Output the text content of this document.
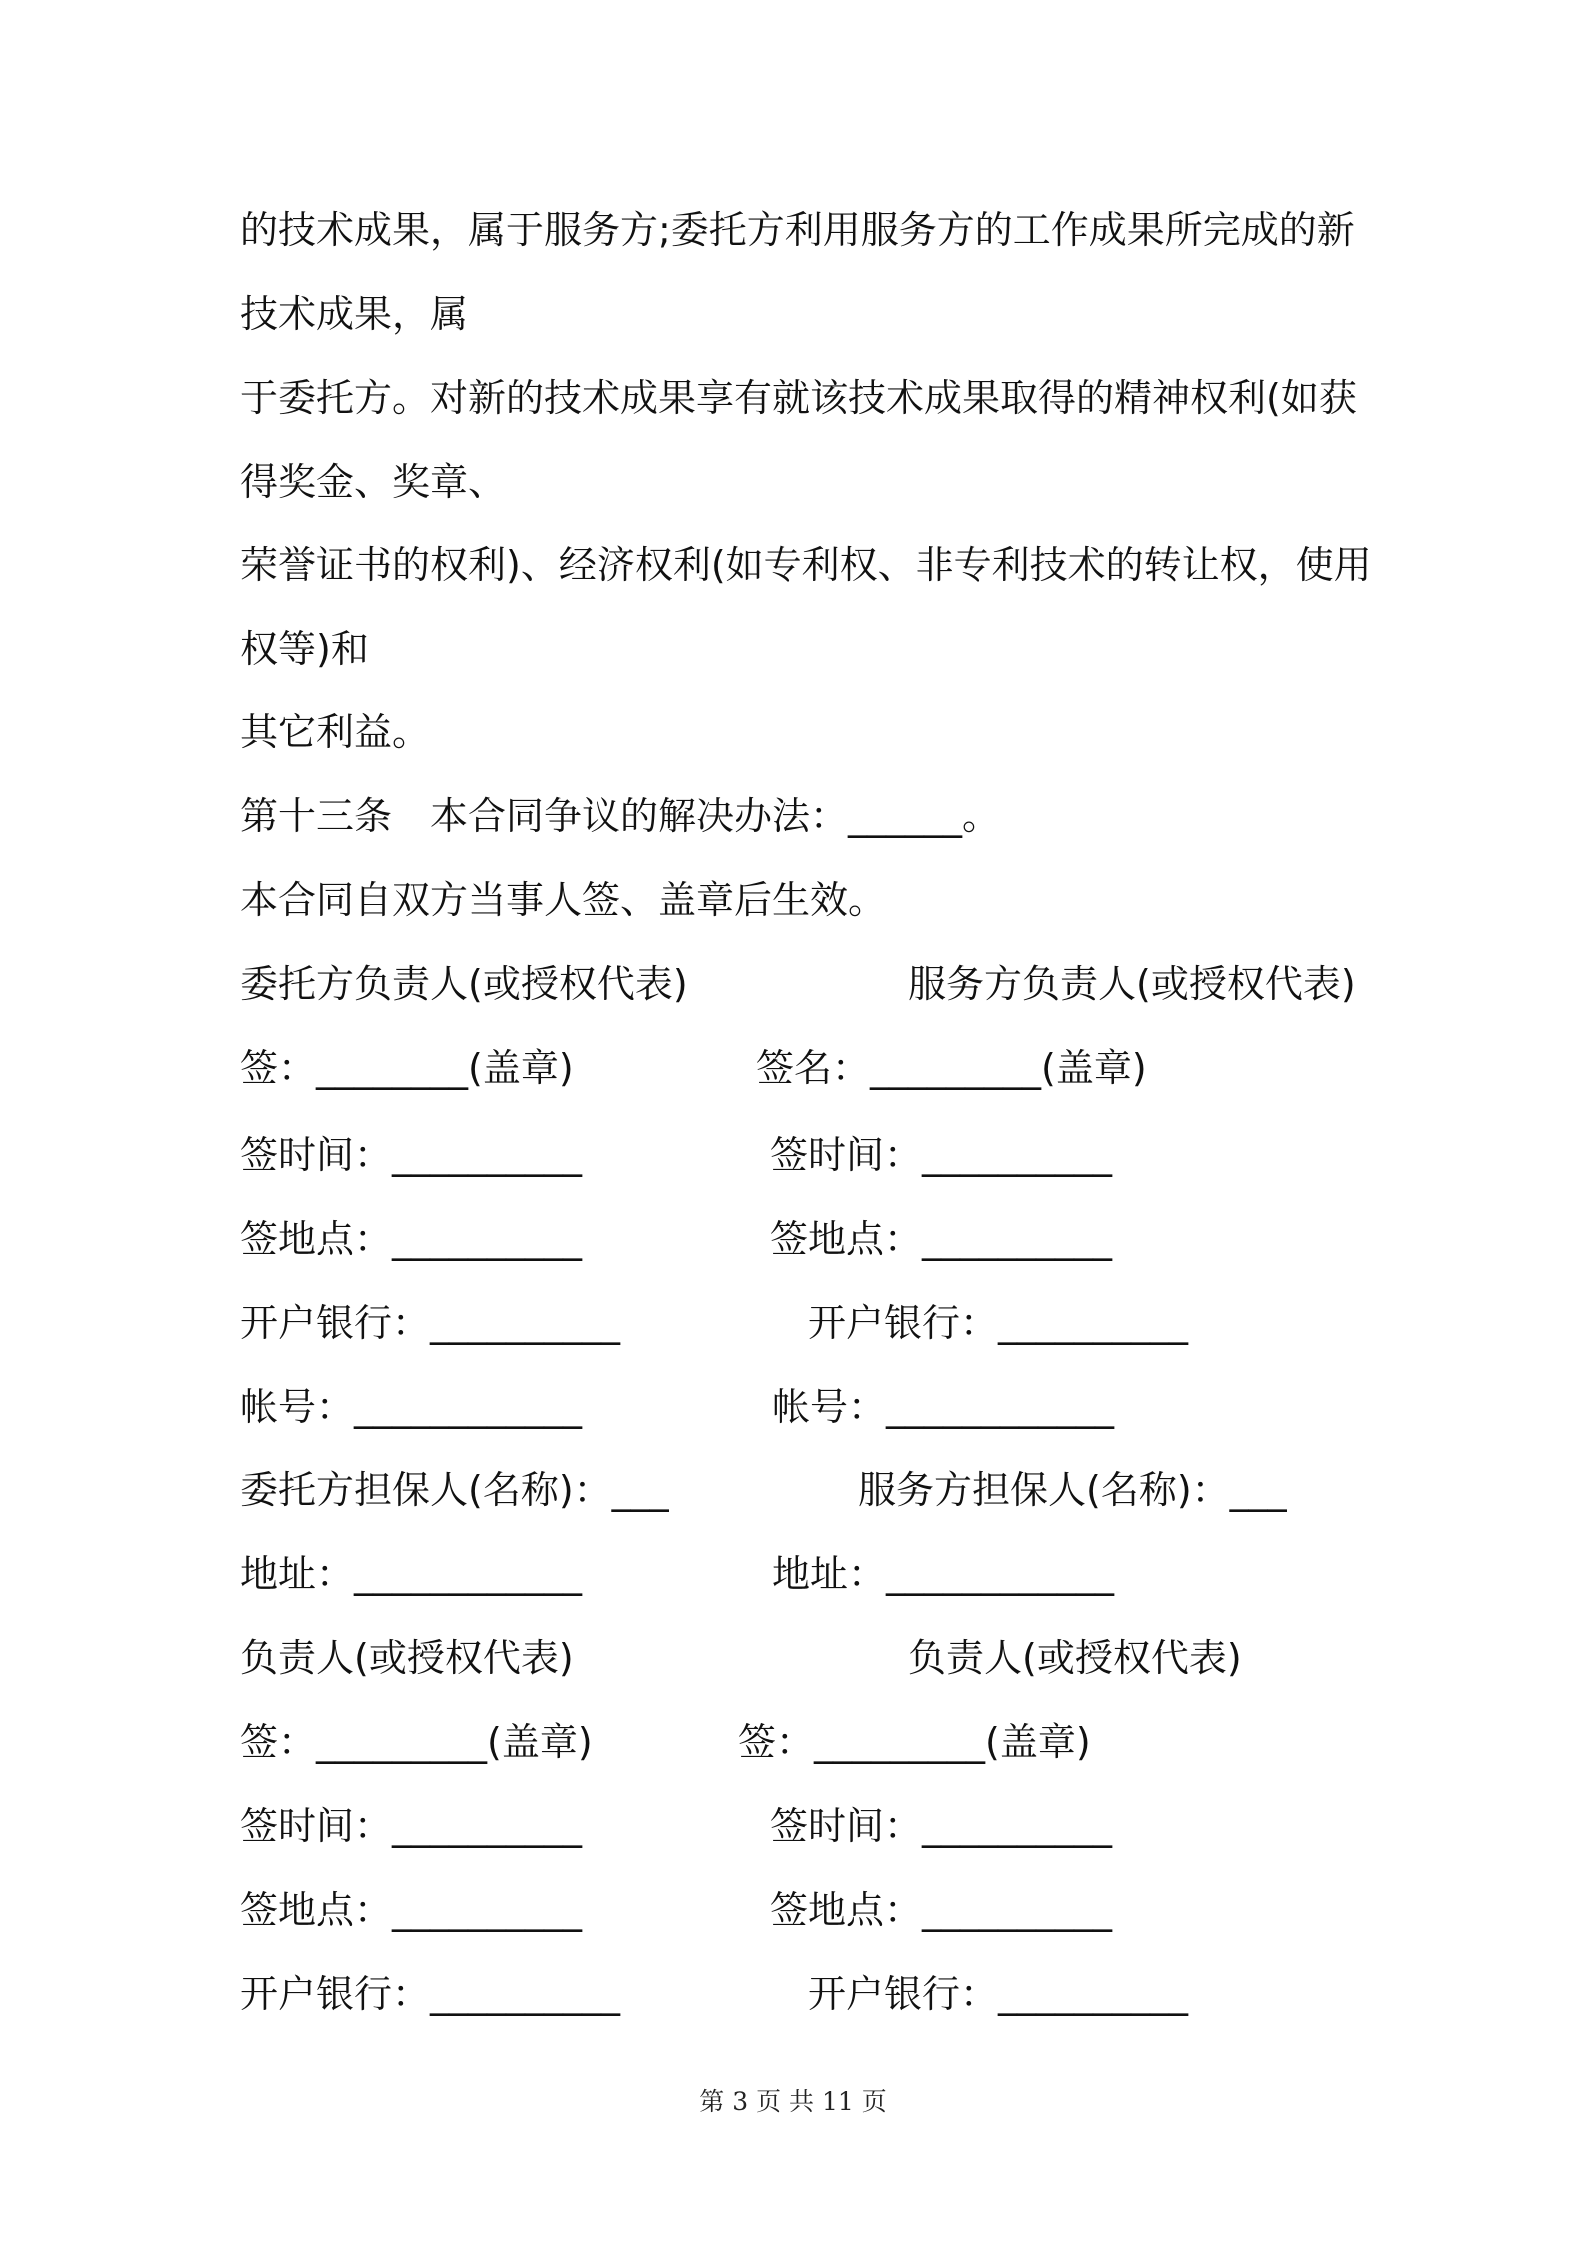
的技术成果，属于服务方;委托方利用服务方的工作成果所完成的新
技术成果，属
于委托方。对新的技术成果享有就该技术成果取得的精神权利(如获
得奖金、奖章、
荣誉证书的权利)、经济权利(如专利权、非专利技术的转让权，使用
权等)和
其它利益。
第十三条　本合同争议的解决办法：______。
本合同自双方当事人签、盖章后生效。
委托方负责人(或授权代表)	服务方负责人(或授权代表)
签：________(盖章)	签名：_________(盖章)
签时间：__________	签时间：__________
签地点：__________	签地点：__________
开户银行：__________	开户银行：__________
帐号：____________	帐号：____________
委托方担保人(名称)：___	服务方担保人(名称)：___
地址：____________	地址：____________
负责人(或授权代表)	负责人(或授权代表)
签：_________(盖章)	签：_________(盖章)
签时间：__________	签时间：__________
签地点：__________	签地点：__________
开户银行：__________	开户银行：__________
第 3 页 共 11 页
